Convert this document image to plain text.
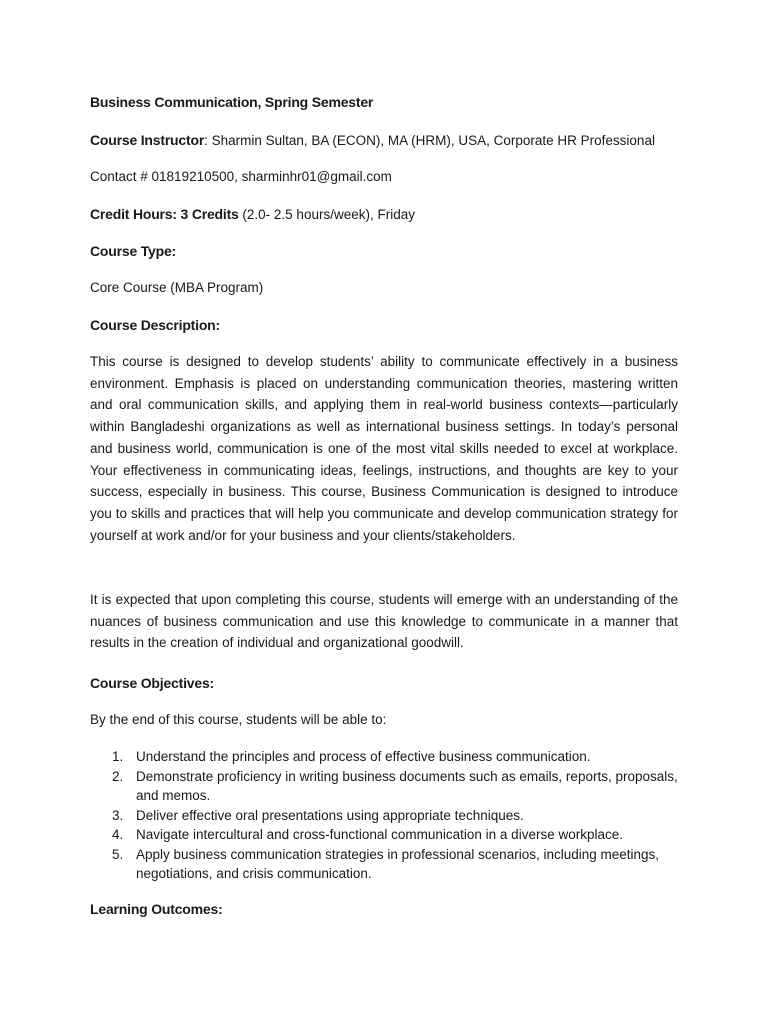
Business Communication, Spring Semester
Course Instructor: Sharmin Sultan, BA (ECON), MA (HRM), USA, Corporate HR Professional
Contact # 01819210500, sharminhr01@gmail.com
Credit Hours: 3 Credits (2.0- 2.5 hours/week), Friday
Course Type:
Core Course (MBA Program)
Course Description:
This course is designed to develop students’ ability to communicate effectively in a business environment. Emphasis is placed on understanding communication theories, mastering written and oral communication skills, and applying them in real-world business contexts—particularly within Bangladeshi organizations as well as international business settings. In today’s personal and business world, communication is one of the most vital skills needed to excel at workplace. Your effectiveness in communicating ideas, feelings, instructions, and thoughts are key to your success, especially in business. This course, Business Communication is designed to introduce you to skills and practices that will help you communicate and develop communication strategy for yourself at work and/or for your business and your clients/stakeholders.
It is expected that upon completing this course, students will emerge with an understanding of the nuances of business communication and use this knowledge to communicate in a manner that results in the creation of individual and organizational goodwill.
Course Objectives:
By the end of this course, students will be able to:
1. Understand the principles and process of effective business communication.
2. Demonstrate proficiency in writing business documents such as emails, reports, proposals, and memos.
3. Deliver effective oral presentations using appropriate techniques.
4. Navigate intercultural and cross-functional communication in a diverse workplace.
5. Apply business communication strategies in professional scenarios, including meetings, negotiations, and crisis communication.
Learning Outcomes:
